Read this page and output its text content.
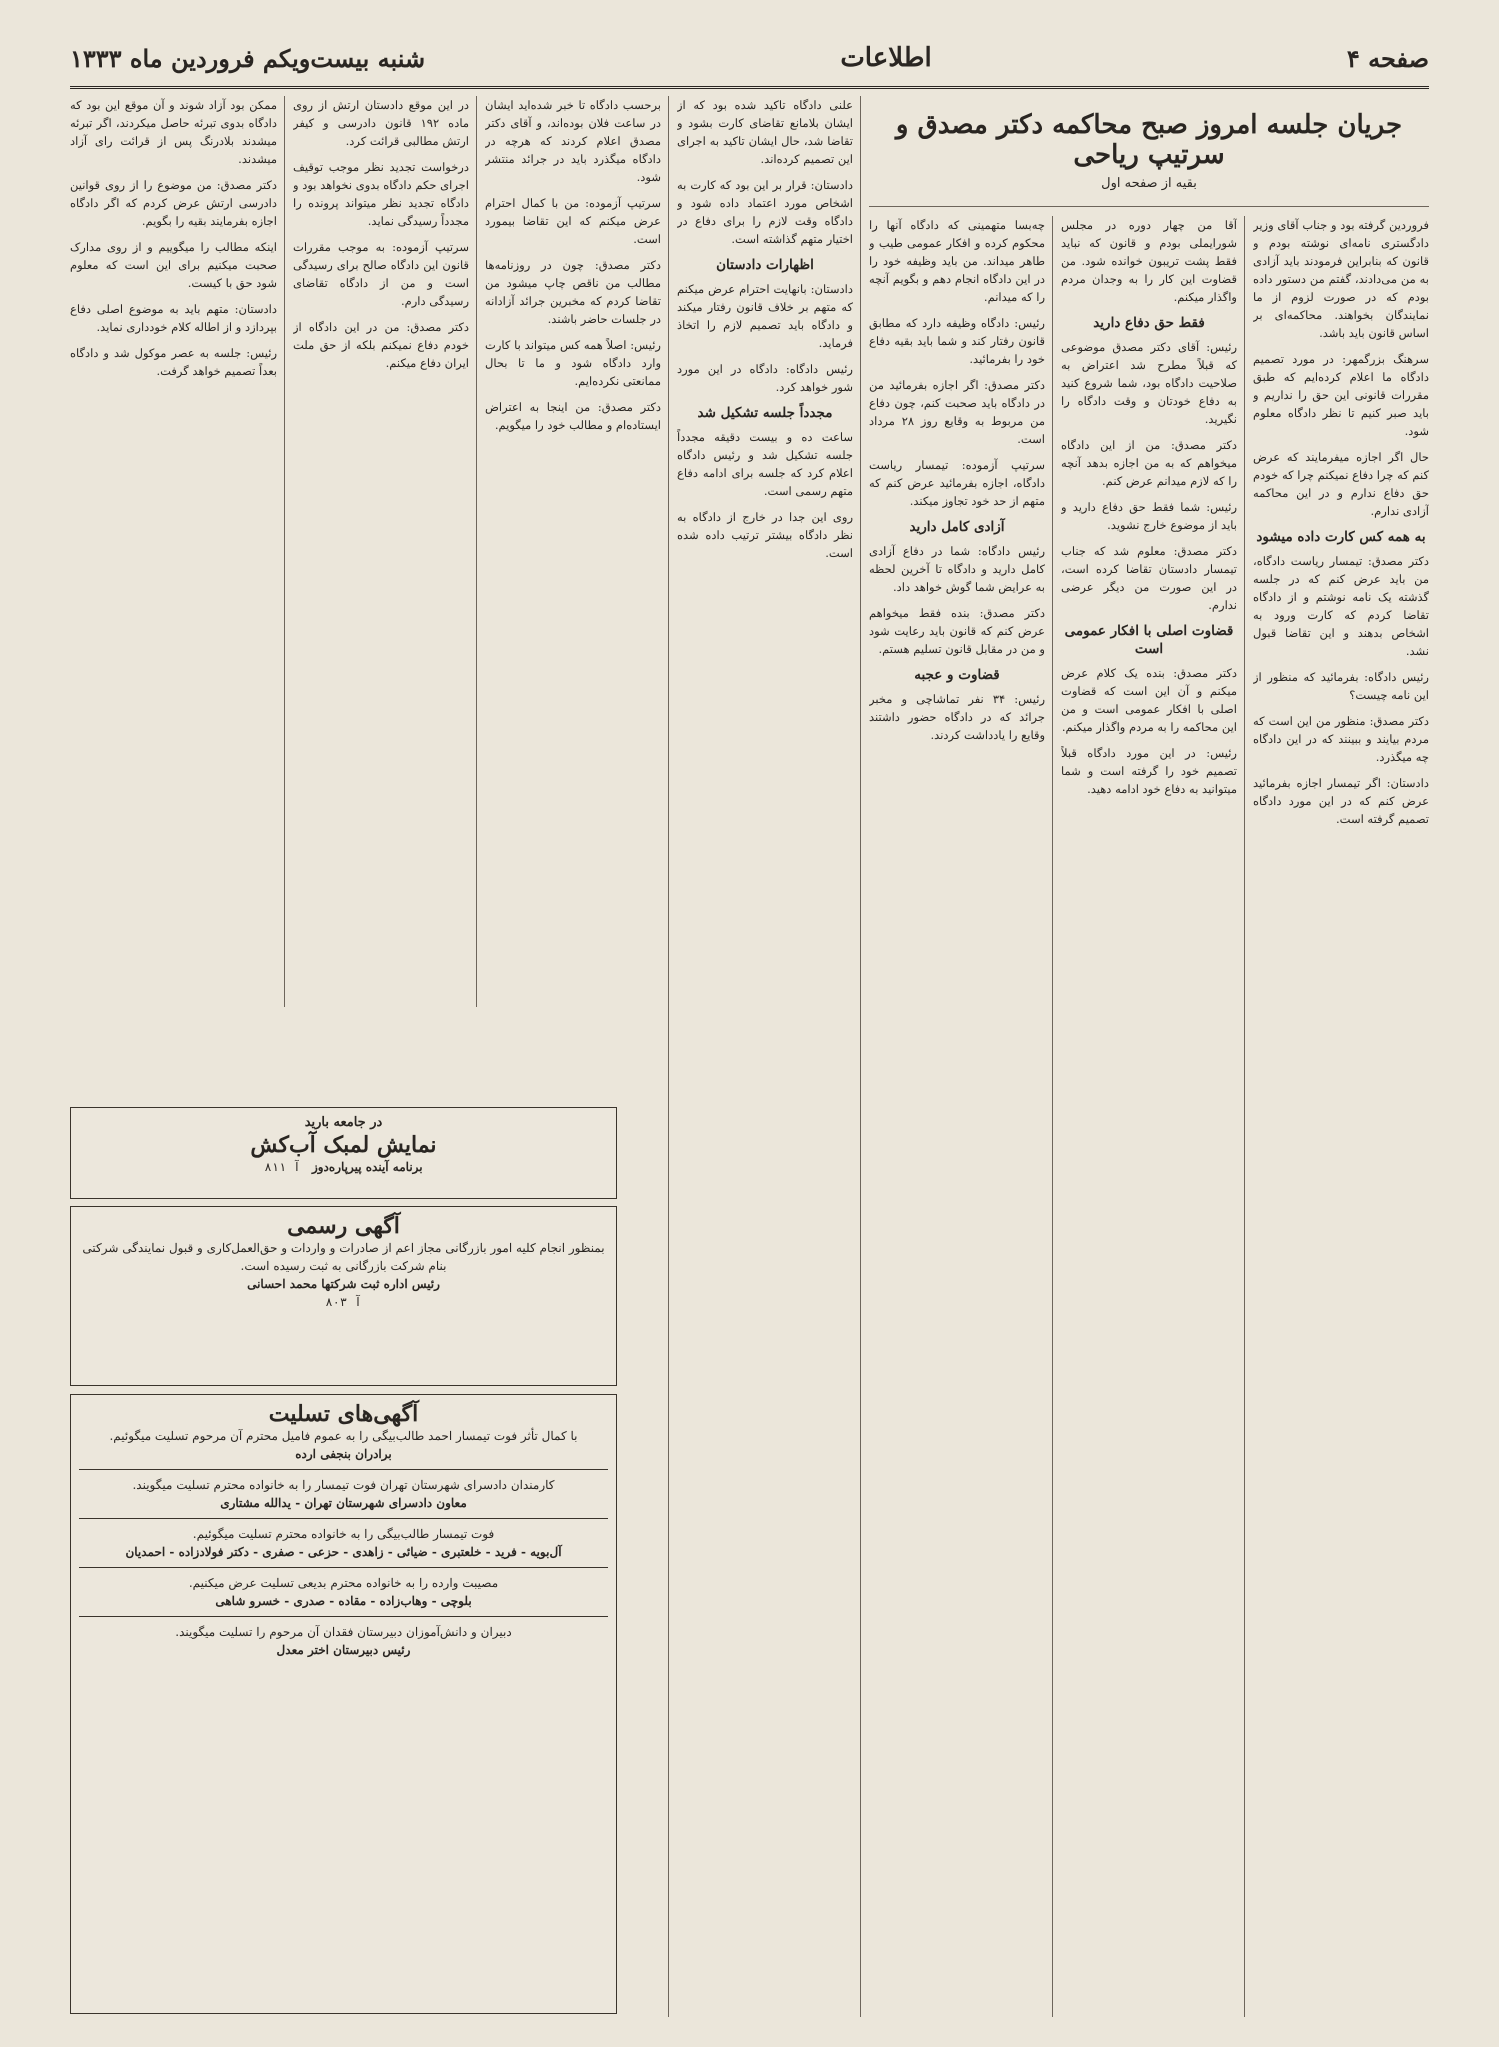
صفحه ۴
اطلاعات
شنبه بیست‌ویکم فروردین ماه ۱۳۳۳
جریان جلسه امروز صبح محاکمه دکتر مصدق و سرتیپ ریاحی
بقیه از صفحه اول

فروردین گرفته بود و جناب آقای وزیر دادگستری نامه‌ای نوشته بودم و قانون که بنابراین فرمودند باید آزادی به من می‌دادند، گفتم من دستور داده بودم که در صورت لزوم از ما نمایندگان بخواهند. محاکمه‌ای بر اساس قانون باید باشد.

سرهنگ بزرگمهر: در مورد تصمیم دادگاه ما اعلام کرده‌ایم که طبق مقررات قانونی این حق را نداریم و باید صبر کنیم تا نظر دادگاه معلوم شود.

حال اگر اجازه میفرمایند که عرض کنم که چرا دفاع نمیکنم چرا که خودم حق دفاع ندارم و در این محاکمه آزادی ندارم.

به همه کس کارت داده میشود

دکتر مصدق: تیمسار ریاست دادگاه، من باید عرض کنم که در جلسه گذشته یک نامه نوشتم و از دادگاه تقاضا کردم که کارت ورود به اشخاص بدهند و این تقاضا قبول نشد.

رئیس دادگاه: بفرمائید که منظور از این نامه چیست؟

دکتر مصدق: منظور من این است که مردم بیایند و ببینند که در این دادگاه چه میگذرد.

دادستان: اگر تیمسار اجازه بفرمائید عرض کنم که در این مورد دادگاه تصمیم گرفته است.

آقا من چهار دوره در مجلس شورایملی بودم و قانون که نباید فقط پشت تریبون خوانده شود. من قضاوت این کار را به وجدان مردم واگذار میکنم.

فقط حق دفاع دارید

رئیس: آقای دکتر مصدق موضوعی که قبلاً مطرح شد اعتراض به صلاحیت دادگاه بود، شما شروع کنید به دفاع خودتان و وقت دادگاه را نگیرید.

دکتر مصدق: من از این دادگاه میخواهم که به من اجازه بدهد آنچه را که لازم میدانم عرض کنم.

رئیس: شما فقط حق دفاع دارید و باید از موضوع خارج نشوید.

دکتر مصدق: معلوم شد که جناب تیمسار دادستان تقاضا کرده است، در این صورت من دیگر عرضی ندارم.

قضاوت اصلی با افکار عمومی است

دکتر مصدق: بنده یک کلام عرض میکنم و آن این است که قضاوت اصلی با افکار عمومی است و من این محاکمه را به مردم واگذار میکنم.

رئیس: در این مورد دادگاه قبلاً تصمیم خود را گرفته است و شما میتوانید به دفاع خود ادامه دهید.

چه‌بسا متهمینی که دادگاه آنها را محکوم کرده و افکار عمومی طیب و طاهر میداند. من باید وظیفه خود را در این دادگاه انجام دهم و بگویم آنچه را که میدانم.

رئیس: دادگاه وظیفه دارد که مطابق قانون رفتار کند و شما باید بقیه دفاع خود را بفرمائید.

دکتر مصدق: اگر اجازه بفرمائید من در دادگاه باید صحبت کنم، چون دفاع من مربوط به وقایع روز ۲۸ مرداد است.

سرتیپ آزموده: تیمسار ریاست دادگاه، اجازه بفرمائید عرض کنم که متهم از حد خود تجاوز میکند.

آزادی کامل دارید

رئیس دادگاه: شما در دفاع آزادی کامل دارید و دادگاه تا آخرین لحظه به عرایض شما گوش خواهد داد.

دکتر مصدق: بنده فقط میخواهم عرض کنم که قانون باید رعایت شود و من در مقابل قانون تسلیم هستم.

قضاوت و عجبه

رئیس: ۳۴ نفر تماشاچی و مخبر جرائد که در دادگاه حضور داشتند وقایع را یادداشت کردند.

علنی دادگاه تاکید شده بود که از ایشان بلامانع تقاضای کارت بشود و تقاضا شد، حال ایشان تاکید به اجرای این تصمیم کرده‌اند.

دادستان: قرار بر این بود که کارت به اشخاص مورد اعتماد داده شود و دادگاه وقت لازم را برای دفاع در اختیار متهم گذاشته است.

اظهارات دادستان

دادستان: بانهایت احترام عرض میکنم که متهم بر خلاف قانون رفتار میکند و دادگاه باید تصمیم لازم را اتخاذ فرماید.

رئیس دادگاه: دادگاه در این مورد شور خواهد کرد.

مجدداً جلسه تشکیل شد

ساعت ده و بیست دقیقه مجدداً جلسه تشکیل شد و رئیس دادگاه اعلام کرد که جلسه برای ادامه دفاع متهم رسمی است.

روی این جدا در خارج از دادگاه به نظر دادگاه بیشتر ترتیب داده شده است.

برحسب دادگاه تا خبر شده‌اید ایشان در ساعت فلان بوده‌اند، و آقای دکتر مصدق اعلام کردند که هرچه در دادگاه میگذرد باید در جرائد منتشر شود.

سرتیپ آزموده: من با کمال احترام عرض میکنم که این تقاضا بیمورد است.

دکتر مصدق: چون در روزنامه‌ها مطالب من ناقص چاپ میشود من تقاضا کردم که مخبرین جرائد آزادانه در جلسات حاضر باشند.

رئیس: اصلاً همه کس میتواند با کارت وارد دادگاه شود و ما تا بحال ممانعتی نکرده‌ایم.

دکتر مصدق: من اینجا به اعتراض ایستاده‌ام و مطالب خود را میگویم.

در این موقع دادستان ارتش از روی ماده ۱۹۲ قانون دادرسی و کیفر ارتش مطالبی قرائت کرد.

درخواست تجدید نظر موجب توقیف اجرای حکم دادگاه بدوی نخواهد بود و دادگاه تجدید نظر میتواند پرونده را مجدداً رسیدگی نماید.

سرتیپ آزموده: به موجب مقررات قانون این دادگاه صالح برای رسیدگی است و من از دادگاه تقاضای رسیدگی دارم.

دکتر مصدق: من در این دادگاه از خودم دفاع نمیکنم بلکه از حق ملت ایران دفاع میکنم.

ممکن بود آزاد شوند و آن موقع این بود که دادگاه بدوی تبرئه حاصل میکردند، اگر تبرئه میشدند بلادرنگ پس از قرائت رای آزاد میشدند.

دکتر مصدق: من موضوع را از روی قوانین دادرسی ارتش عرض کردم که اگر دادگاه اجازه بفرمایند بقیه را بگویم.

اینکه مطالب را میگوییم و از روی مدارک صحبت میکنیم برای این است که معلوم شود حق با کیست.

دادستان: متهم باید به موضوع اصلی دفاع بپردازد و از اطاله کلام خودداری نماید.

رئیس: جلسه به عصر موکول شد و دادگاه بعداً تصمیم خواهد گرفت.

در جامعه بارید
نمایش لمبک آب‌کش
برنامه آینده پیرپاره‌دوز   آ ۸۱۱
آگهی رسمی
بمنظور انجام کلیه امور بازرگانی مجاز اعم از صادرات و واردات و حق‌العمل‌کاری و قبول نمایندگی شرکتی بنام شرکت بازرگانی به ثبت رسیده است.
رئیس اداره ثبت شرکتها محمد احسانی
آ ۸۰۳
آگهی‌های تسلیت
با کمال تأثر فوت تیمسار احمد طالب‌بیگی را به عموم فامیل محترم آن مرحوم تسلیت میگوئیم.
برادران بنجفی ارده
کارمندان دادسرای شهرستان تهران فوت تیمسار را به خانواده محترم تسلیت میگویند.
معاون دادسرای شهرستان تهران - یدالله مشتاری
فوت تیمسار طالب‌بیگی را به خانواده محترم تسلیت میگوئیم.
آل‌بویه - فرید - خلعتبری - ضیائی - زاهدی - حزعی - صفری - دکتر فولادزاده - احمدیان
مصیبت وارده را به خانواده محترم بدیعی تسلیت عرض میکنیم.
بلوچی - وهاب‌زاده - مقاده - صدری - خسرو شاهی
دبیران و دانش‌آموزان دبیرستان فقدان آن مرحوم را تسلیت میگویند.
رئیس دبیرستان اختر معدل
